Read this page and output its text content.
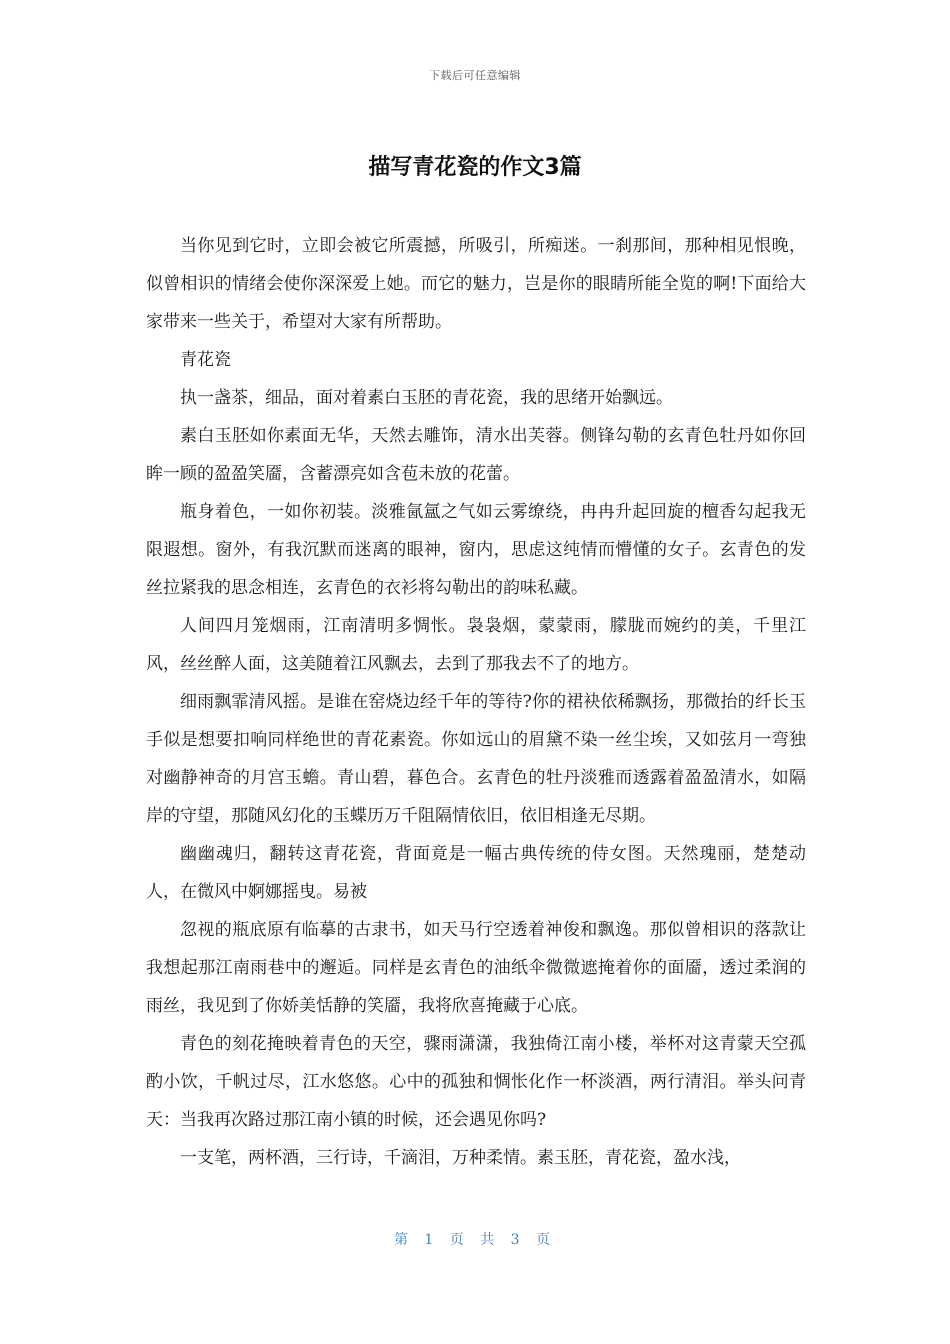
下载后可任意编辑
描写青花瓷的作文3篇

当你见到它时，立即会被它所震撼，所吸引，所痴迷。一刹那间，那种相见恨晚，似曾相识的情绪会使你深深爱上她。而它的魅力，岂是你的眼睛所能全览的啊!下面给大家带来一些关于，希望对大家有所帮助。

青花瓷

执一盏茶，细品，面对着素白玉胚的青花瓷，我的思绪开始飘远。

素白玉胚如你素面无华，天然去雕饰，清水出芙蓉。侧锋勾勒的玄青色牡丹如你回眸一顾的盈盈笑靥，含蓄漂亮如含苞未放的花蕾。

瓶身着色，一如你初装。淡雅氤氲之气如云雾缭绕，冉冉升起回旋的檀香勾起我无限遐想。窗外，有我沉默而迷离的眼神，窗内，思虑这纯情而懵懂的女子。玄青色的发丝拉紧我的思念相连，玄青色的衣衫将勾勒出的韵味私藏。

人间四月笼烟雨，江南清明多惆怅。袅袅烟，蒙蒙雨，朦胧而婉约的美，千里江风，丝丝醉人面，这美随着江风飘去，去到了那我去不了的地方。

细雨飘霏清风摇。是谁在窑烧边经千年的等待?你的裙袂依稀飘扬，那微抬的纤长玉手似是想要扣响同样绝世的青花素瓷。你如远山的眉黛不染一丝尘埃，又如弦月一弯独对幽静神奇的月宫玉蟾。青山碧，暮色合。玄青色的牡丹淡雅而透露着盈盈清水，如隔岸的守望，那随风幻化的玉蝶历万千阻隔情依旧，依旧相逢无尽期。

幽幽魂归，翻转这青花瓷，背面竟是一幅古典传统的侍女图。天然瑰丽，楚楚动人，在微风中婀娜摇曳。易被

忽视的瓶底原有临摹的古隶书，如天马行空透着神俊和飘逸。那似曾相识的落款让我想起那江南雨巷中的邂逅。同样是玄青色的油纸伞微微遮掩着你的面靥，透过柔润的雨丝，我见到了你娇美恬静的笑靥，我将欣喜掩藏于心底。

青色的刻花掩映着青色的天空，骤雨潇潇，我独倚江南小楼，举杯对这青蒙天空孤酌小饮，千帆过尽，江水悠悠。心中的孤独和惆怅化作一杯淡酒，两行清泪。举头问青天：当我再次路过那江南小镇的时候，还会遇见你吗?

一支笔，两杯酒，三行诗，千滴泪，万种柔情。素玉胚，青花瓷，盈水浅，

第 1 页 共 3 页
